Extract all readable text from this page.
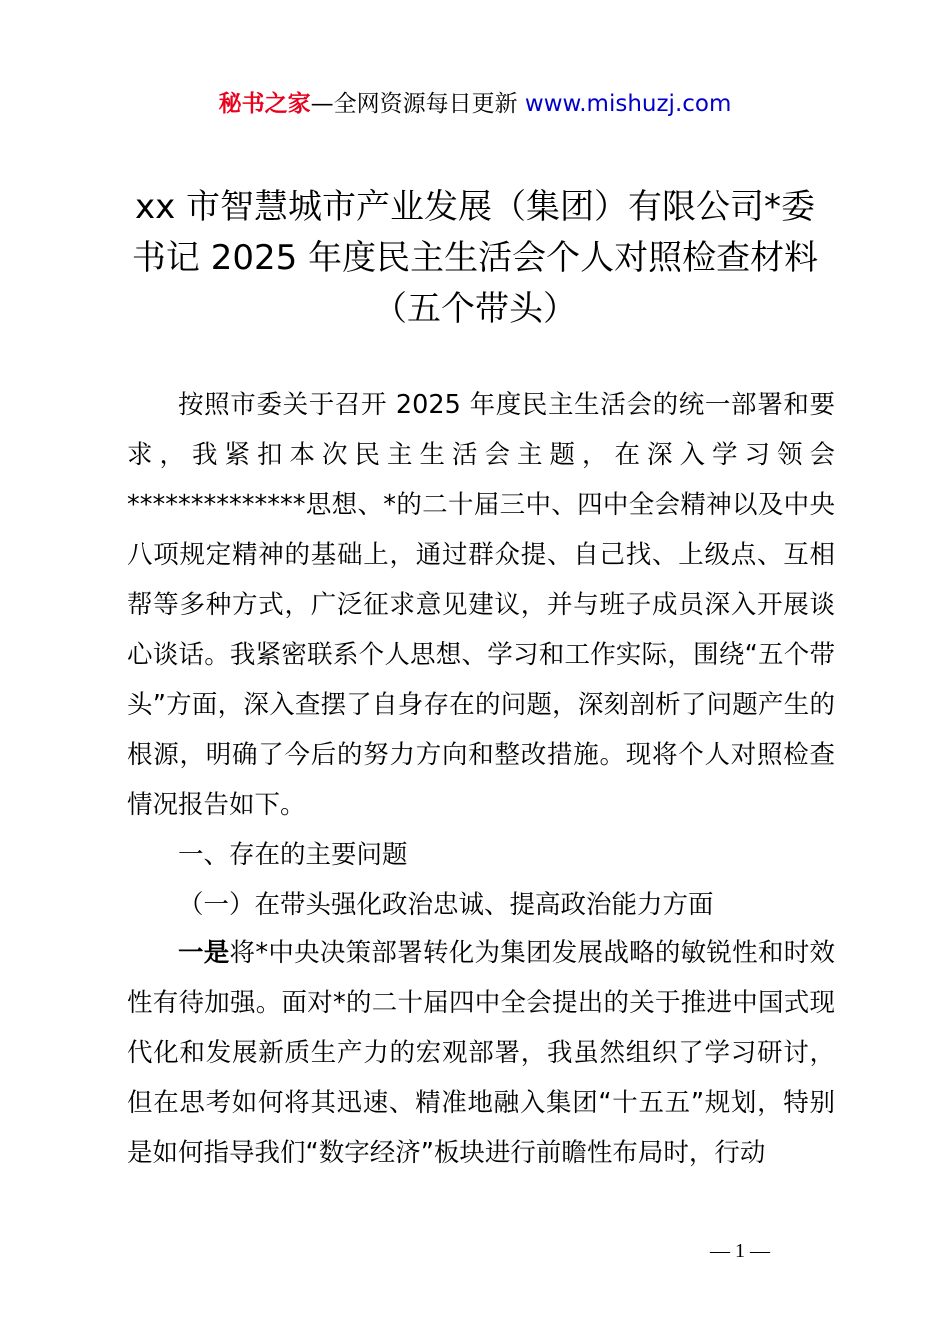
秘书之家—全网资源每日更新 www.mishuzj.com
xx 市智慧城市产业发展（集团）有限公司*委
书记 2025 年度民主生活会个人对照检查材料
（五个带头）

按照市委关于召开 2025 年度民主生活会的统一部署和要求，我紧扣本次民主生活会主题，在深入学习领会**************思想、*的二十届三中、四中全会精神以及中央八项规定精神的基础上，通过群众提、自己找、上级点、互相帮等多种方式，广泛征求意见建议，并与班子成员深入开展谈心谈话。我紧密联系个人思想、学习和工作实际，围绕“五个带头”方面，深入查摆了自身存在的问题，深刻剖析了问题产生的根源，明确了今后的努力方向和整改措施。现将个人对照检查情况报告如下。

一、存在的主要问题
（一）在带头强化政治忠诚、提高政治能力方面

一是将*中央决策部署转化为集团发展战略的敏锐性和时效性有待加强。面对*的二十届四中全会提出的关于推进中国式现代化和发展新质生产力的宏观部署，我虽然组织了学习研讨，但在思考如何将其迅速、精准地融入集团“十五五”规划，特别是如何指导我们“数字经济”板块进行前瞻性布局时，行动

— 1 —
